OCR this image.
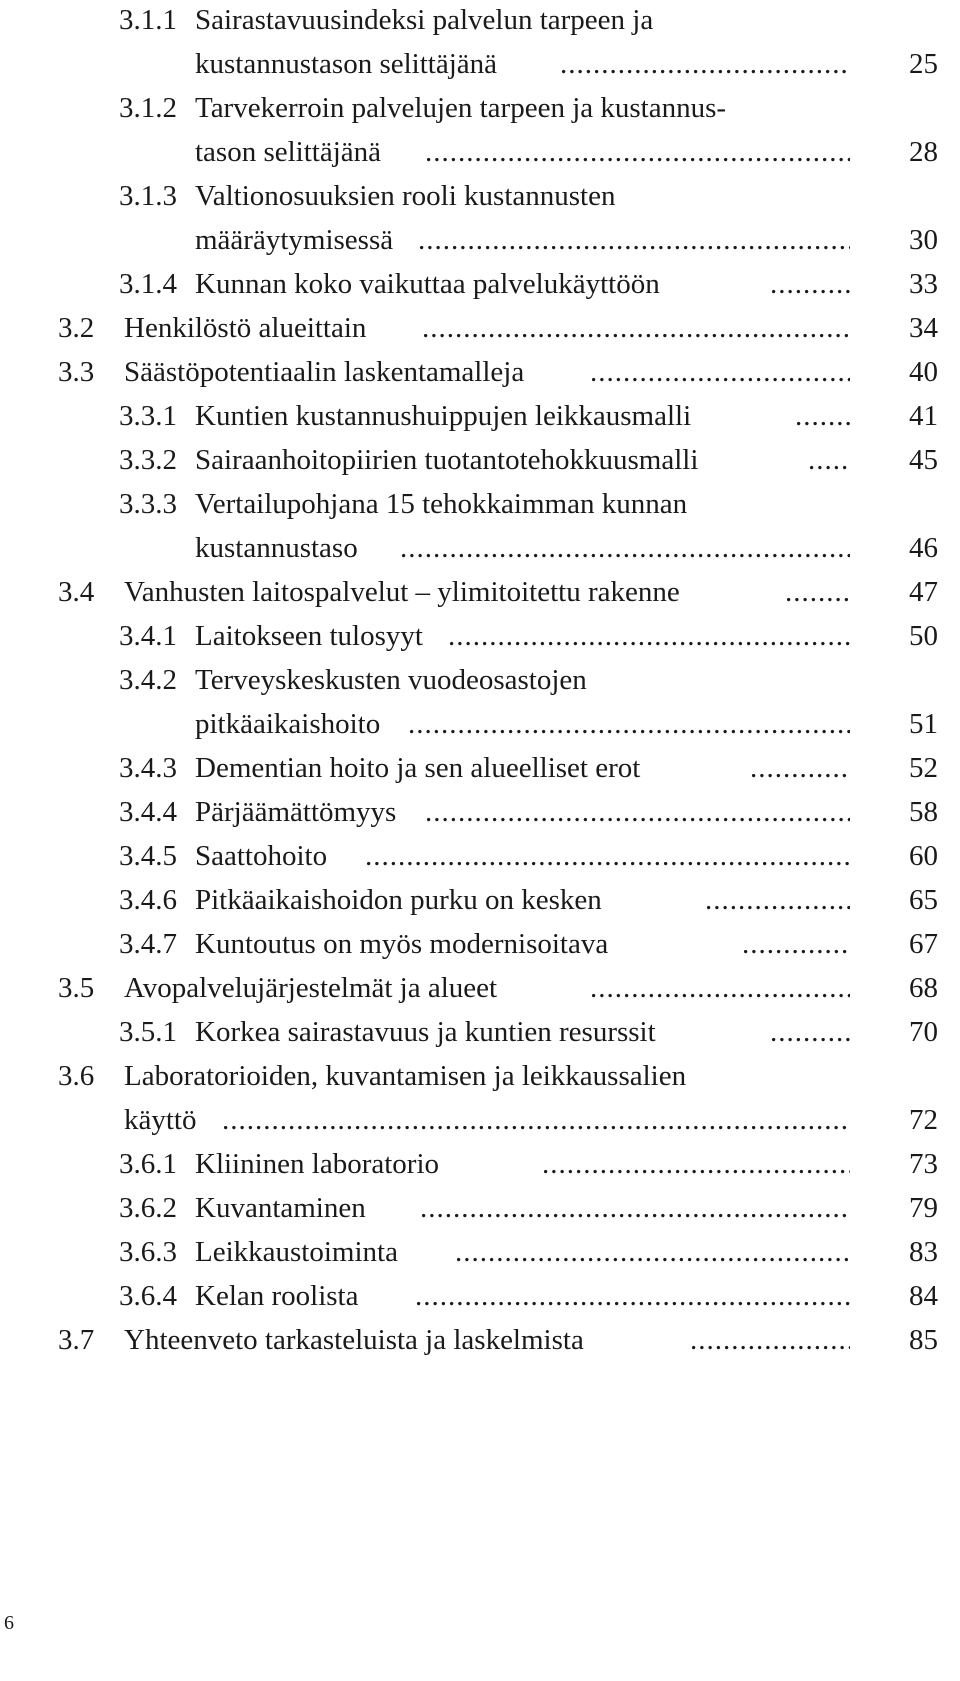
3.1.1 Sairastavuusindeksi palvelun tarpeen ja
kustannustason selittäjänä .....	25
3.1.2 Tarvekerroin palvelujen tarpeen ja kustannus-
tason selittäjänä .....	28
3.1.3 Valtionosuuksien rooli kustannusten
määräytymisessä .....	30
3.1.4 Kunnan koko vaikuttaa palvelukäyttöön .....	33
3.2 Henkilöstö alueittain .....	34
3.3 Säästöpotentiaalin laskentamalleja .....	40
3.3.1 Kuntien kustannushuippujen leikkausmalli .....	41
3.3.2 Sairaanhoitopiirien tuotantotehokkuusmalli .....	45
3.3.3 Vertailupohjana 15 tehokkaimman kunnan
kustannustaso .....	46
3.4 Vanhusten laitospalvelut – ylimitoitettu rakenne .....	47
3.4.1 Laitokseen tulosyyt .....	50
3.4.2 Terveyskeskusten vuodeosastojen
pitkäaikaishoito .....	51
3.4.3 Dementian hoito ja sen alueelliset erot .....	52
3.4.4 Pärjäämättömyys .....	58
3.4.5 Saattohoito .....	60
3.4.6 Pitkäaikaishoidon purku on kesken .....	65
3.4.7 Kuntoutus on myös modernisoitava .....	67
3.5 Avopalvelujärjestelmät ja alueet .....	68
3.5.1 Korkea sairastavuus ja kuntien resurssit .....	70
3.6 Laboratorioiden, kuvantamisen ja leikkaussalien
käyttö .....	72
3.6.1 Kliininen laboratorio .....	73
3.6.2 Kuvantaminen .....	79
3.6.3 Leikkaustoiminta .....	83
3.6.4 Kelan roolista .....	84
3.7 Yhteenveto tarkasteluista ja laskelmista .....	85
6
